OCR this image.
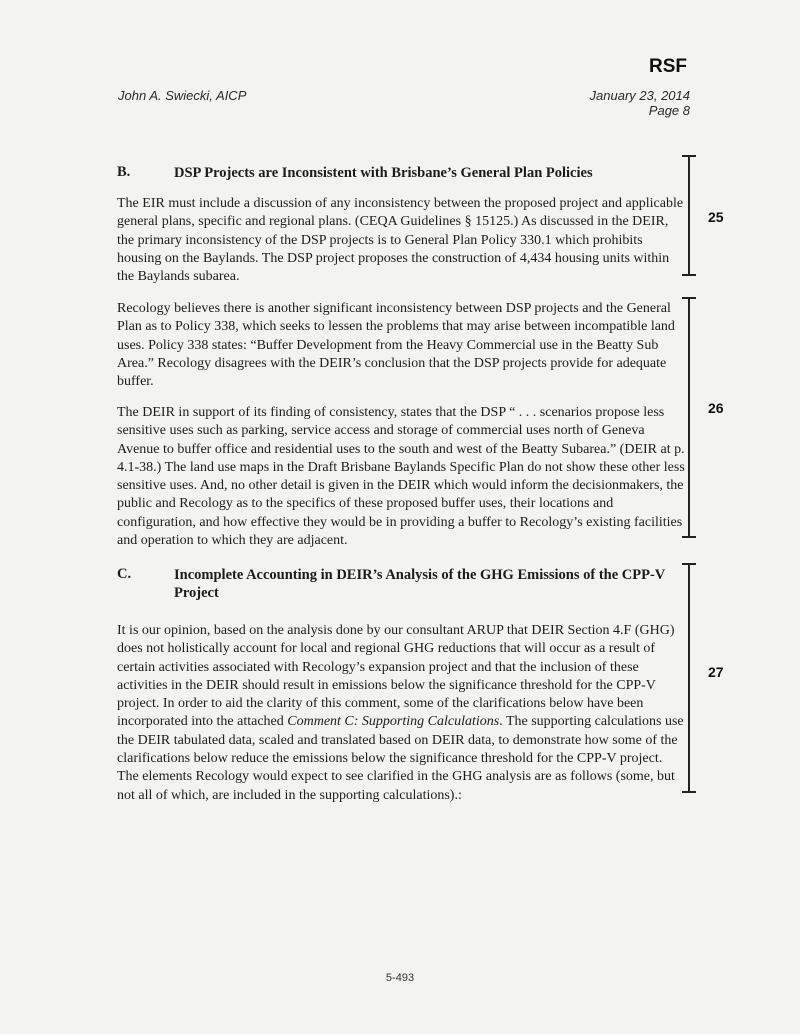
RSF
John A. Swiecki, AICP	January 23, 2014
Page 8
B.	DSP Projects are Inconsistent with Brisbane’s General Plan Policies

The EIR must include a discussion of any inconsistency between the proposed project and applicable general plans, specific and regional plans. (CEQA Guidelines § 15125.) As discussed in the DEIR, the primary inconsistency of the DSP projects is to General Plan Policy 330.1 which prohibits housing on the Baylands. The DSP project proposes the construction of 4,434 housing units within the Baylands subarea.

Recology believes there is another significant inconsistency between DSP projects and the General Plan as to Policy 338, which seeks to lessen the problems that may arise between incompatible land uses. Policy 338 states: “Buffer Development from the Heavy Commercial use in the Beatty Sub Area.” Recology disagrees with the DEIR’s conclusion that the DSP projects provide for adequate buffer.

The DEIR in support of its finding of consistency, states that the DSP “ . . . scenarios propose less sensitive uses such as parking, service access and storage of commercial uses north of Geneva Avenue to buffer office and residential uses to the south and west of the Beatty Subarea.” (DEIR at p. 4.1-38.) The land use maps in the Draft Brisbane Baylands Specific Plan do not show these other less sensitive uses. And, no other detail is given in the DEIR which would inform the decisionmakers, the public and Recology as to the specifics of these proposed buffer uses, their locations and configuration, and how effective they would be in providing a buffer to Recology’s existing facilities and operation to which they are adjacent.

C.	Incomplete Accounting in DEIR’s Analysis of the GHG Emissions of the CPP-V Project

It is our opinion, based on the analysis done by our consultant ARUP that DEIR Section 4.F (GHG) does not holistically account for local and regional GHG reductions that will occur as a result of certain activities associated with Recology’s expansion project and that the inclusion of these activities in the DEIR should result in emissions below the significance threshold for the CPP-V project. In order to aid the clarity of this comment, some of the clarifications below have been incorporated into the attached Comment C: Supporting Calculations. The supporting calculations use the DEIR tabulated data, scaled and translated based on DEIR data, to demonstrate how some of the clarifications below reduce the emissions below the significance threshold for the CPP-V project. The elements Recology would expect to see clarified in the GHG analysis are as follows (some, but not all of which, are included in the supporting calculations).:

25
26
27
5-493
